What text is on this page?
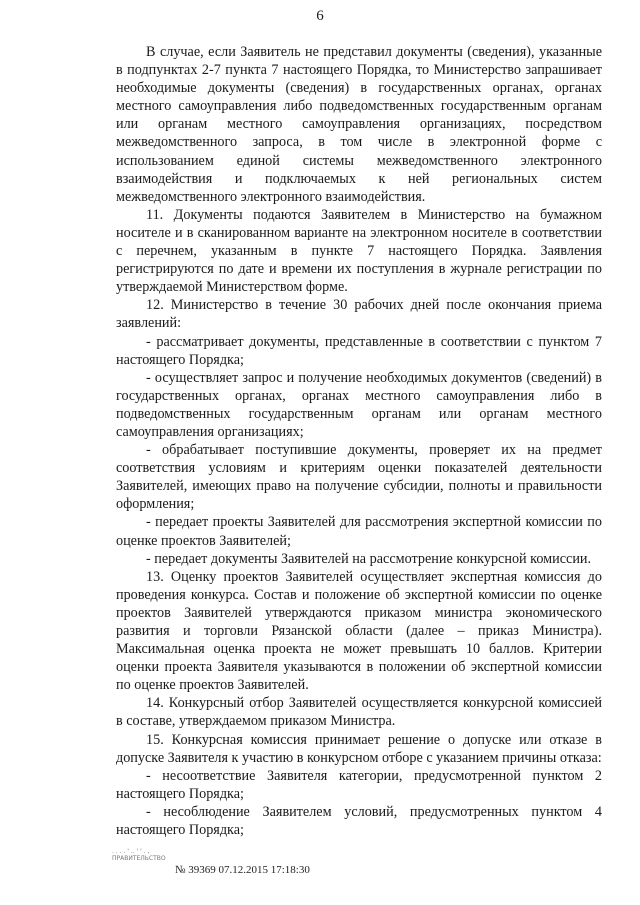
6

В случае, если Заявитель не представил документы (сведения), указанные в подпунктах 2-7 пункта 7 настоящего Порядка, то Министерство запрашивает необходимые документы (сведения) в государственных органах, органах местного самоуправления либо подведомственных государственным органам или органам местного самоуправления организациях, посредством межведомственного запроса, в том числе в электронной форме с использованием единой системы межведомственного электронного взаимодействия и подключаемых к ней региональных систем межведомственного электронного взаимодействия.

11. Документы подаются Заявителем в Министерство на бумажном носителе и в сканированном варианте на электронном носителе в соответствии с перечнем, указанным в пункте 7 настоящего Порядка. Заявления регистрируются по дате и времени их поступления в журнале регистрации по утверждаемой Министерством форме.

12. Министерство в течение 30 рабочих дней после окончания приема заявлений:

- рассматривает документы, представленные в соответствии с пунктом 7 настоящего Порядка;

- осуществляет запрос и получение необходимых документов (сведений) в государственных органах, органах местного самоуправления либо в подведомственных государственным органам или органам местного самоуправления организациях;

- обрабатывает поступившие документы, проверяет их на предмет соответствия условиям и критериям оценки показателей деятельности Заявителей, имеющих право на получение субсидии, полноты и правильности оформления;

- передает проекты Заявителей для рассмотрения экспертной комиссии по оценке проектов Заявителей;

- передает документы Заявителей на рассмотрение конкурсной комиссии.

13. Оценку проектов Заявителей осуществляет экспертная комиссия до проведения конкурса. Состав и положение об экспертной комиссии по оценке проектов Заявителей утверждаются приказом министра экономического развития и торговли Рязанской области (далее – приказ Министра). Максимальная оценка проекта не может превышать 10 баллов. Критерии оценки проекта Заявителя указываются в положении об экспертной комиссии по оценке проектов Заявителей.

14. Конкурсный отбор Заявителей осуществляется конкурсной комиссией в составе, утверждаемом приказом Министра.

15. Конкурсная комиссия принимает решение о допуске или отказе в допуске Заявителя к участию в конкурсном отборе с указанием причины отказа:

- несоответствие Заявителя категории, предусмотренной пунктом 2 настоящего Порядка;

- несоблюдение Заявителем условий, предусмотренных пунктом 4 настоящего Порядка;

. . . . ' .. ' ' . ,
ПРАВИТЕЛЬСТВО
№ 39369 07.12.2015 17:18:30
